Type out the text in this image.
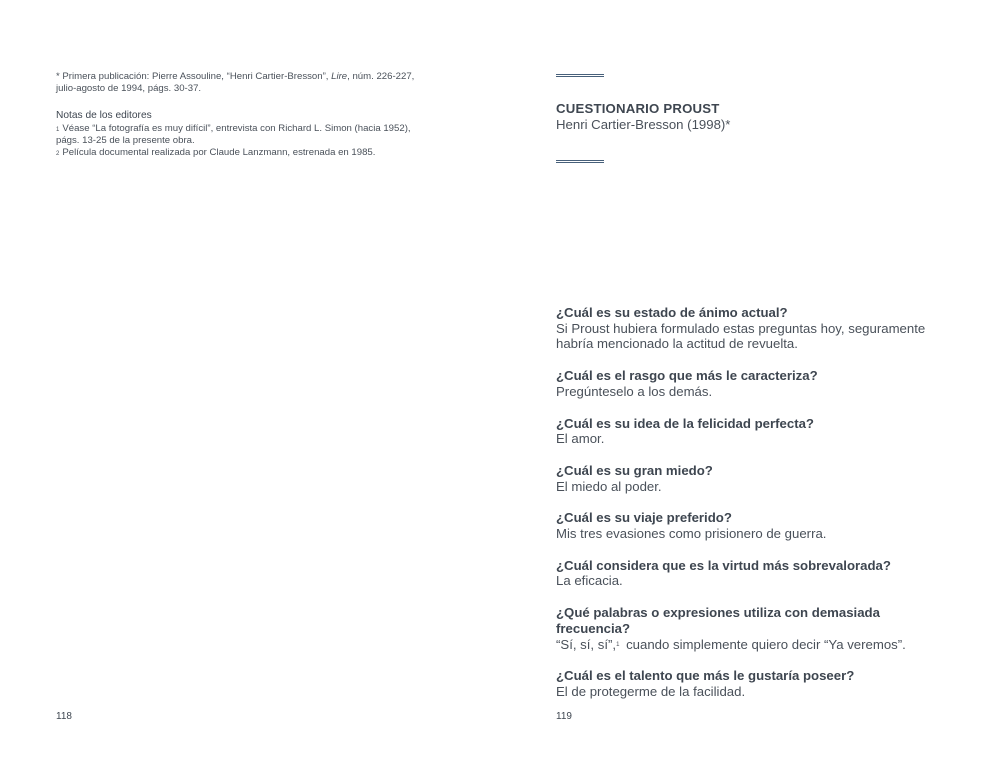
* Primera publicación: Pierre Assouline, “Henri Cartier-Bresson”, Lire, núm. 226-227,
julio-agosto de 1994, págs. 30-37.

Notas de los editores

$^1$ Véase “La fotografía es muy difícil”, entrevista con Richard L. Simon (hacia 1952),
págs. 13-25 de la presente obra.

$^2$ Película documental realizada por Claude Lanzmann, estrenada en 1985.

118
CUESTIONARIO PROUST
Henri Cartier-Bresson (1998)*
¿Cuál es su estado de ánimo actual?
Si Proust hubiera formulado estas preguntas hoy, seguramente habría mencionado la actitud de revuelta.
¿Cuál es el rasgo que más le caracteriza?
Pregúnteselo a los demás.
¿Cuál es su idea de la felicidad perfecta?
El amor.
¿Cuál es su gran miedo?
El miedo al poder.
¿Cuál es su viaje preferido?
Mis tres evasiones como prisionero de guerra.
¿Cuál considera que es la virtud más sobrevalorada?
La eficacia.
¿Qué palabras o expresiones utiliza con demasiada frecuencia?
“Sí, sí, sí”,$^1$ cuando simplemente quiero decir “Ya veremos”.
¿Cuál es el talento que más le gustaría poseer?
El de protegerme de la facilidad.
119
